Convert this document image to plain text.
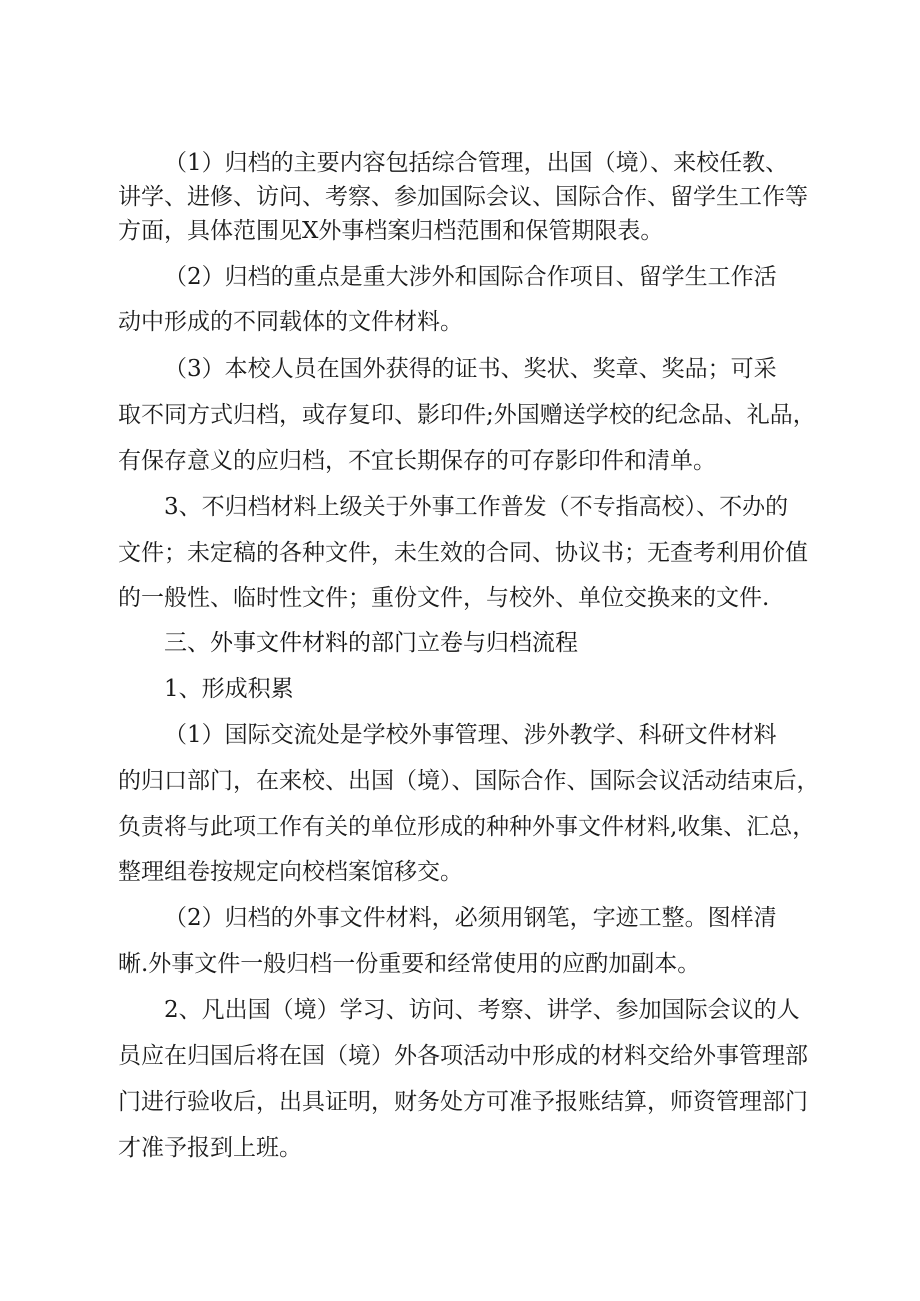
（1）归档的主要内容包括综合管理，出国（境）、来校任教、
讲学、进修、访问、考察、参加国际会议、国际合作、留学生工作等
方面，具体范围见X外事档案归档范围和保管期限表。
（2）归档的重点是重大涉外和国际合作项目、留学生工作活
动中形成的不同载体的文件材料。
（3）本校人员在国外获得的证书、奖状、奖章、奖品；可采
取不同方式归档，或存复印、影印件;外国赠送学校的纪念品、礼品，
有保存意义的应归档，不宜长期保存的可存影印件和清单。
3、不归档材料上级关于外事工作普发（不专指高校）、不办的
文件；未定稿的各种文件，未生效的合同、协议书；无查考利用价值
的一般性、临时性文件；重份文件，与校外、单位交换来的文件.
三、外事文件材料的部门立卷与归档流程
1、形成积累
（1）国际交流处是学校外事管理、涉外教学、科研文件材料
的归口部门，在来校、出国（境）、国际合作、国际会议活动结束后，
负责将与此项工作有关的单位形成的种种外事文件材料,收集、汇总，
整理组卷按规定向校档案馆移交。
（2）归档的外事文件材料，必须用钢笔，字迹工整。图样清
晰.外事文件一般归档一份重要和经常使用的应酌加副本。
2、凡出国（境）学习、访问、考察、讲学、参加国际会议的人
员应在归国后将在国（境）外各项活动中形成的材料交给外事管理部
门进行验收后，出具证明，财务处方可准予报账结算，师资管理部门
才准予报到上班。
